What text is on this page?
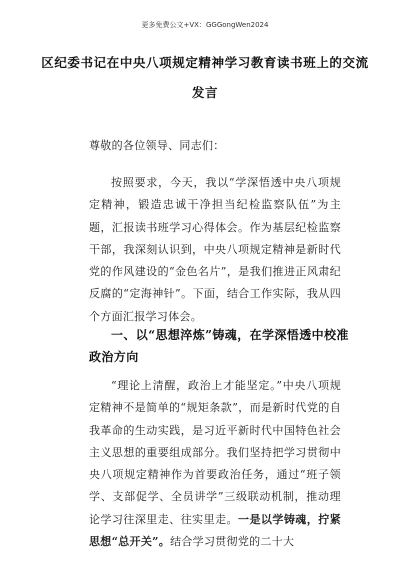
更多免费公文+VX：GGGongWen2024
区纪委书记在中央八项规定精神学习教育读书班上的交流发言
尊敬的各位领导、同志们：
按照要求，今天，我以“学深悟透中央八项规定精神，锻造忠诚干净担当纪检监察队伍”为主题，汇报读书班学习心得体会。作为基层纪检监察干部，我深刻认识到，中央八项规定精神是新时代党的作风建设的“金色名片”，是我们推进正风肃纪反腐的“定海神针”。下面，结合工作实际，我从四个方面汇报学习体会。
一、以“思想淬炼”铸魂，在学深悟透中校准政治方向
“理论上清醒，政治上才能坚定。”中央八项规定精神不是简单的“规矩条款”，而是新时代党的自我革命的生动实践，是习近平新时代中国特色社会主义思想的重要组成部分。我们坚持把学习贯彻中央八项规定精神作为首要政治任务，通过“班子领学、支部促学、全员讲学”三级联动机制，推动理论学习往深里走、往实里走。一是以学铸魂，拧紧思想“总开关”。结合学习贯彻党的二十大
